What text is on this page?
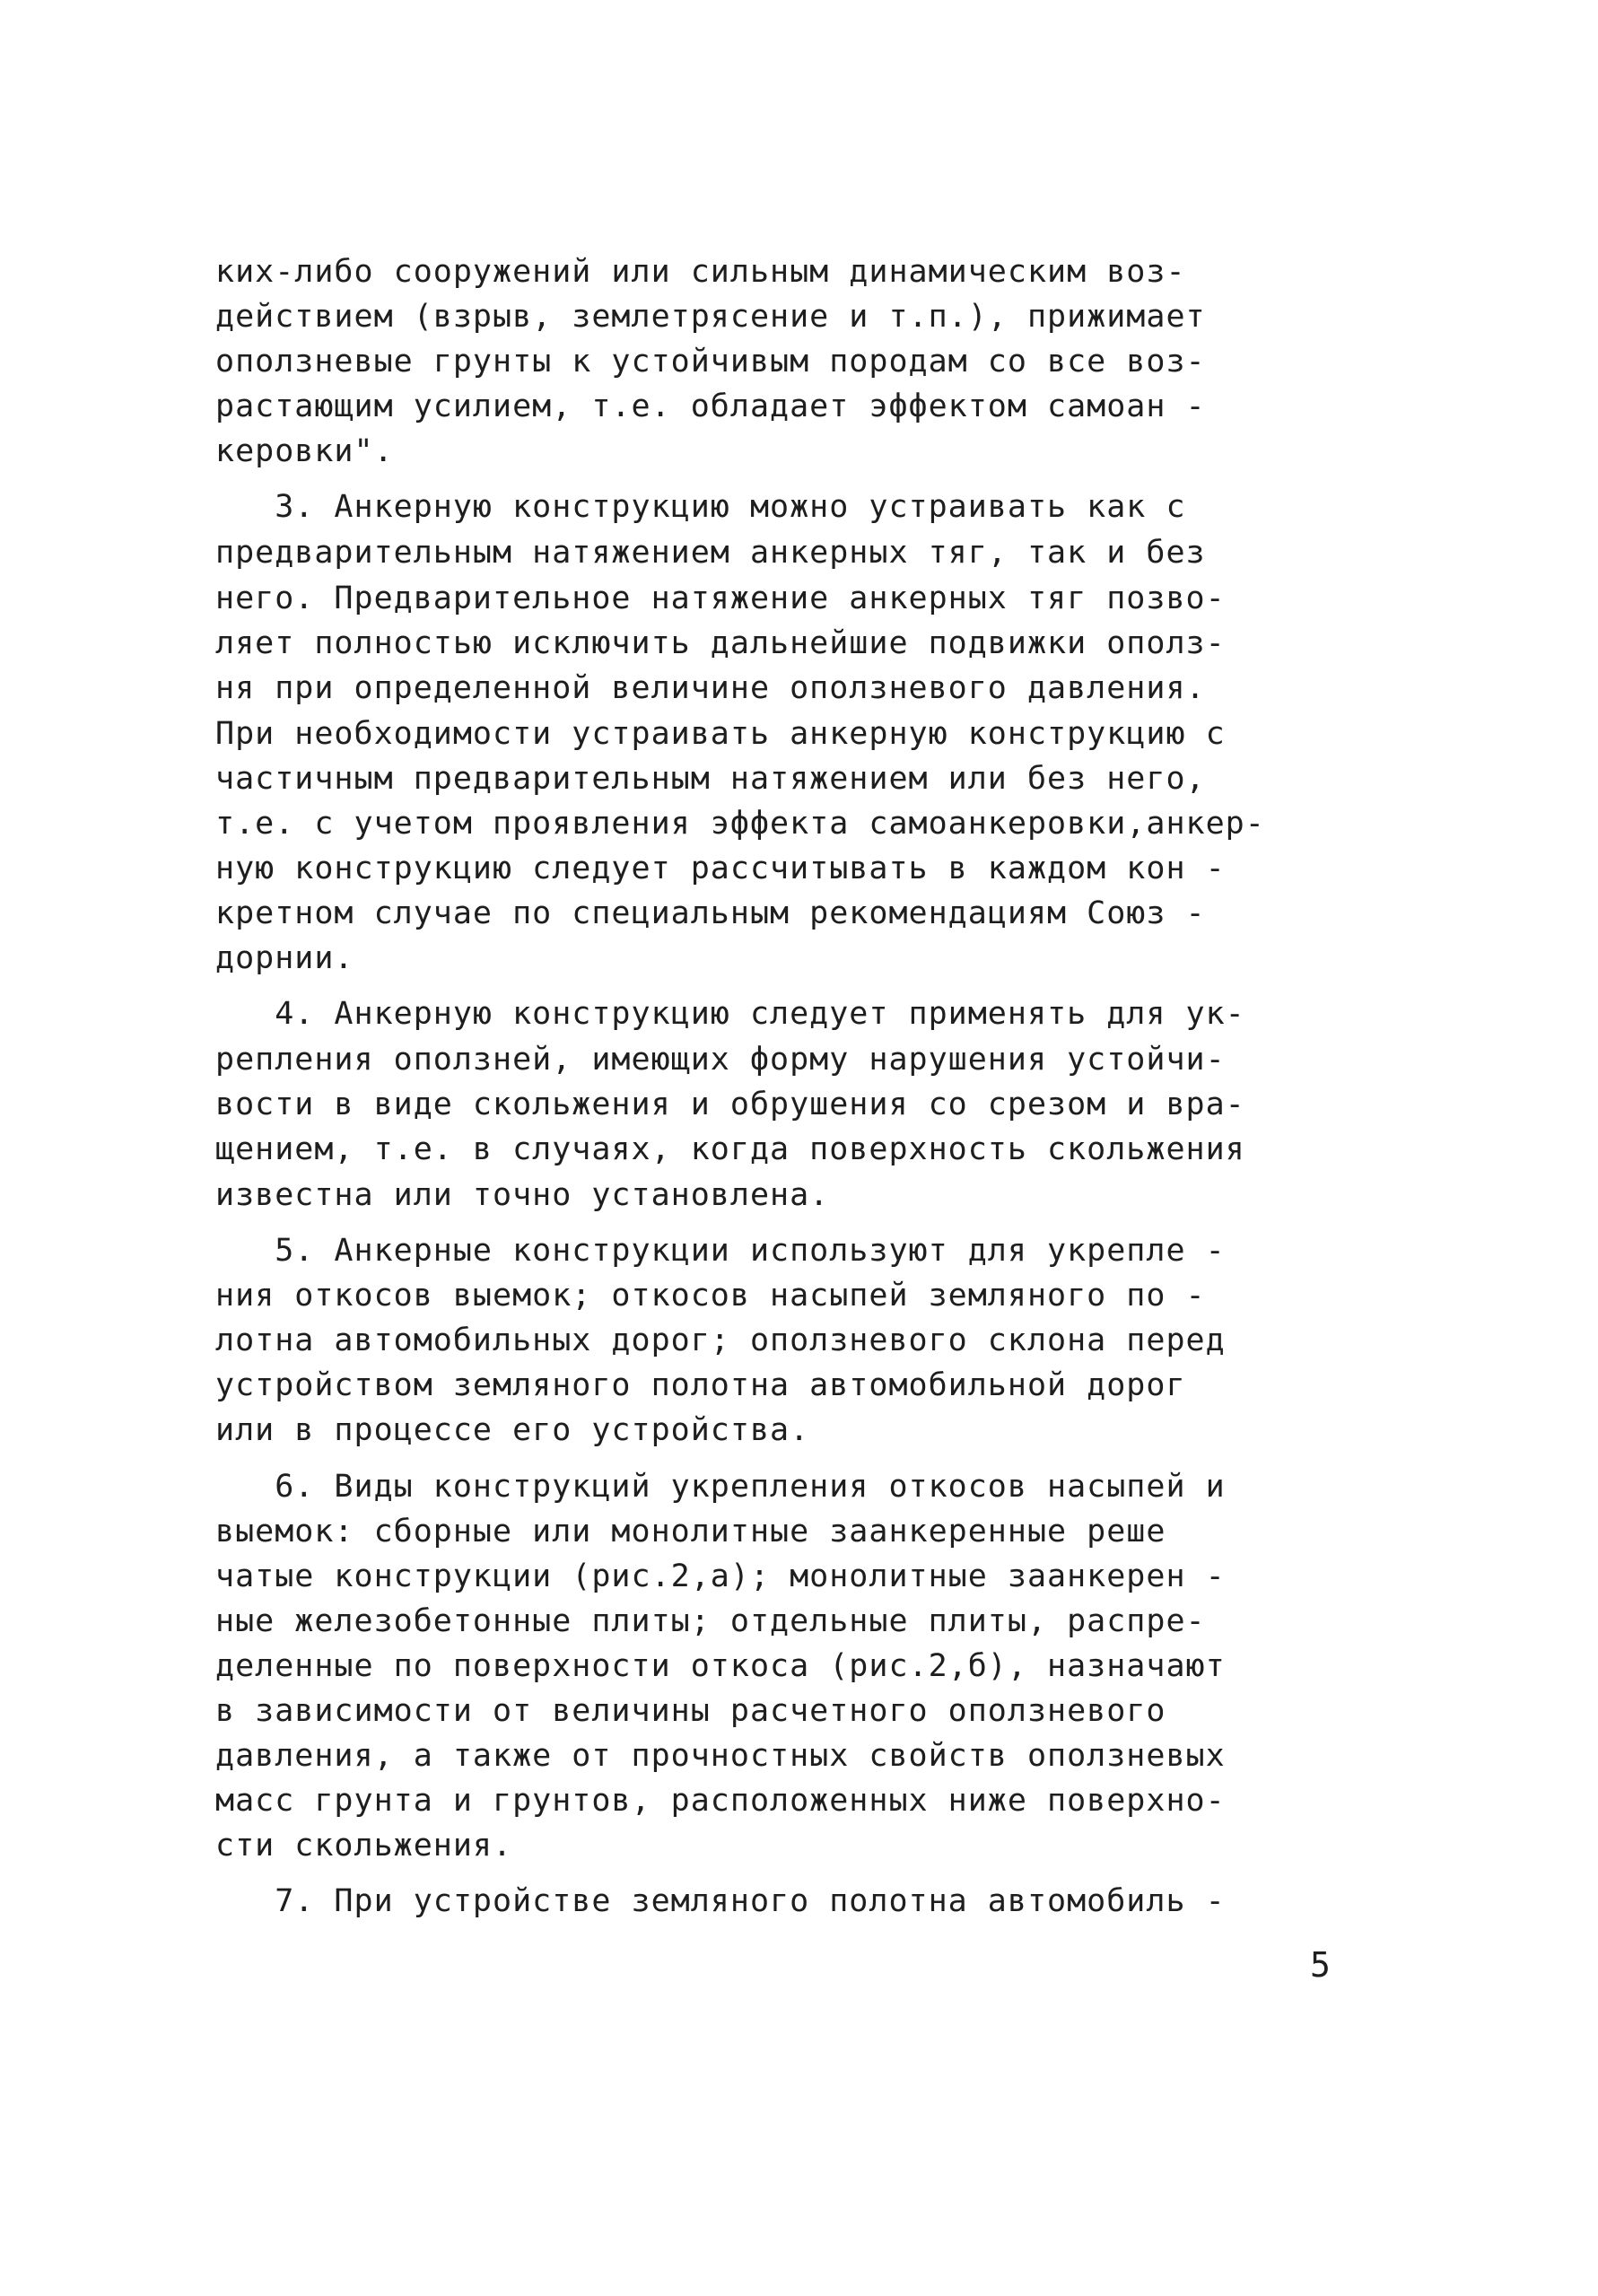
ких-либо сооружений или сильным динамическим воз-
действием (взрыв, землетрясение и т.п.), прижимает
оползневые грунты к устойчивым породам со все воз-
растающим усилием, т.е. обладает эффектом самоан -
керовки".
3. Анкерную конструкцию можно устраивать как с
предварительным натяжением анкерных тяг, так и без
него. Предварительное натяжение анкерных тяг позво-
ляет полностью исключить дальнейшие подвижки ополз-
ня при определенной величине оползневого давления.
При необходимости устраивать анкерную конструкцию с
частичным предварительным натяжением или без него,
т.е. с учетом проявления эффекта самоанкеровки,анкер-
ную конструкцию следует рассчитывать в каждом кон -
кретном случае по специальным рекомендациям Союз -
дорнии.
4. Анкерную конструкцию следует применять для ук-
репления оползней, имеющих форму нарушения устойчи-
вости в виде скольжения и обрушения со срезом и вра-
щением, т.е. в случаях, когда поверхность скольжения
известна или точно установлена.
5. Анкерные конструкции используют для укрепле -
ния откосов выемок; откосов насыпей земляного по -
лотна автомобильных дорог; оползневого склона перед
устройством земляного полотна автомобильной дорог
или в процессе его устройства.
6. Виды конструкций укрепления откосов насыпей и
выемок: сборные или монолитные заанкеренные реше
чатые конструкции (рис.2,а); монолитные заанкерен -
ные железобетонные плиты; отдельные плиты, распре-
деленные по поверхности откоса (рис.2,б), назначают
в зависимости от величины расчетного оползневого
давления, а также от прочностных свойств оползневых
масс грунта и грунтов, расположенных ниже поверхно-
сти скольжения.
7. При устройстве земляного полотна автомобиль -
5
